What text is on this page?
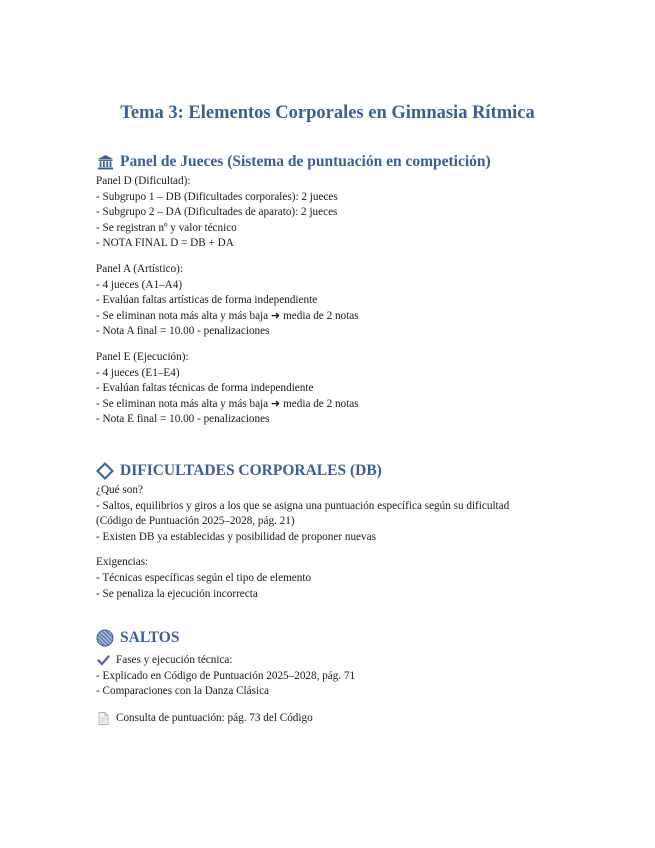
Tema 3: Elementos Corporales en Gimnasia Rítmica
Panel de Jueces (Sistema de puntuación en competición)
Panel D (Dificultad):
- Subgrupo 1 – DB (Dificultades corporales): 2 jueces
- Subgrupo 2 – DA (Dificultades de aparato): 2 jueces
- Se registran nº y valor técnico
- NOTA FINAL D = DB + DA
Panel A (Artístico):
- 4 jueces (A1–A4)
- Evalúan faltas artísticas de forma independiente
- Se eliminan nota más alta y más baja ➜ media de 2 notas
- Nota A final = 10.00 - penalizaciones
Panel E (Ejecución):
- 4 jueces (E1–E4)
- Evalúan faltas técnicas de forma independiente
- Se eliminan nota más alta y más baja ➜ media de 2 notas
- Nota E final = 10.00 - penalizaciones
DIFICULTADES CORPORALES (DB)
¿Qué son?
- Saltos, equilibrios y giros a los que se asigna una puntuación específica según su dificultad
(Código de Puntuación 2025–2028, pág. 21)
- Existen DB ya establecidas y posibilidad de proponer nuevas
Exigencias:
- Técnicas específicas según el tipo de elemento
- Se penaliza la ejecución incorrecta
SALTOS
Fases y ejecución técnica:
- Explicado en Código de Puntuación 2025–2028, pág. 71
- Comparaciones con la Danza Clásica
Consulta de puntuación: pág. 73 del Código
